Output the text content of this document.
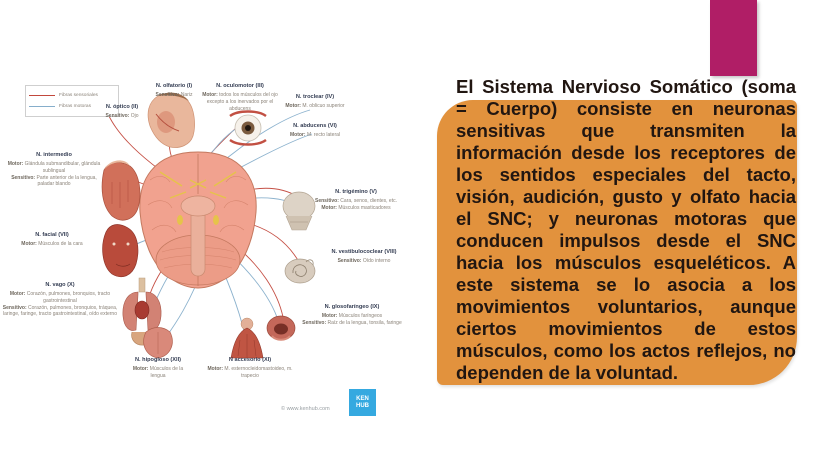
El Sistema Nervioso Somático (soma = Cuerpo) consiste en neuronas sensitivas que transmiten la información desde los receptores de los sentidos especiales del tacto, visión, audición, gusto y olfato hacia el SNC; y neuronas motoras que conducen impulsos desde el SNC hacia los músculos esqueléticos. A este sistema se lo asocia a los movimientos voluntarios, aunque ciertos movimientos de estos músculos, como los actos reflejos, no dependen de la voluntad.
Fibras sensoriales
Fibras motoras
N. olfatorio (I)
Sensitivo: Nariz
N. oculomotor (III)
Motor: todos los músculos del ojo excepto a los inervados por el abducens
N. óptico (II)
Sensitivo: Ojo
N. troclear (IV)
Motor: M. oblicuo superior
N. abducens (VI)
Motor: M. recto lateral
N. intermedio
Motor: Glándula submandibular, glándula sublingual
Sensitivo: Parte anterior de la lengua, paladar blando
N. trigémino (V)
Sensitivo: Cara, senos, dientes, etc.
Motor: Músculos masticadores
N. facial (VII)
Motor: Músculos de la cara
N. vestibulococlear (VIII)
Sensitivo: Oído interno
N. vago (X)
Motor: Corazón, pulmones, bronquios, tracto gastrointestinal
Sensitivo: Corazón, pulmones, bronquios, tráquea, laringe, faringe, tracto gastrointestinal, oído externo
N. glosofaríngeo (IX)
Motor: Músculos faríngeos
Sensitivo: Raíz de la lengua, tonsila, faringe
N. hipogloso (XII)
Motor: Músculos de la lengua
N accesorio (XI)
Motor: M. esternocleidomastoideo, m. trapecio
© www.kenhub.com
KEN
HUB
